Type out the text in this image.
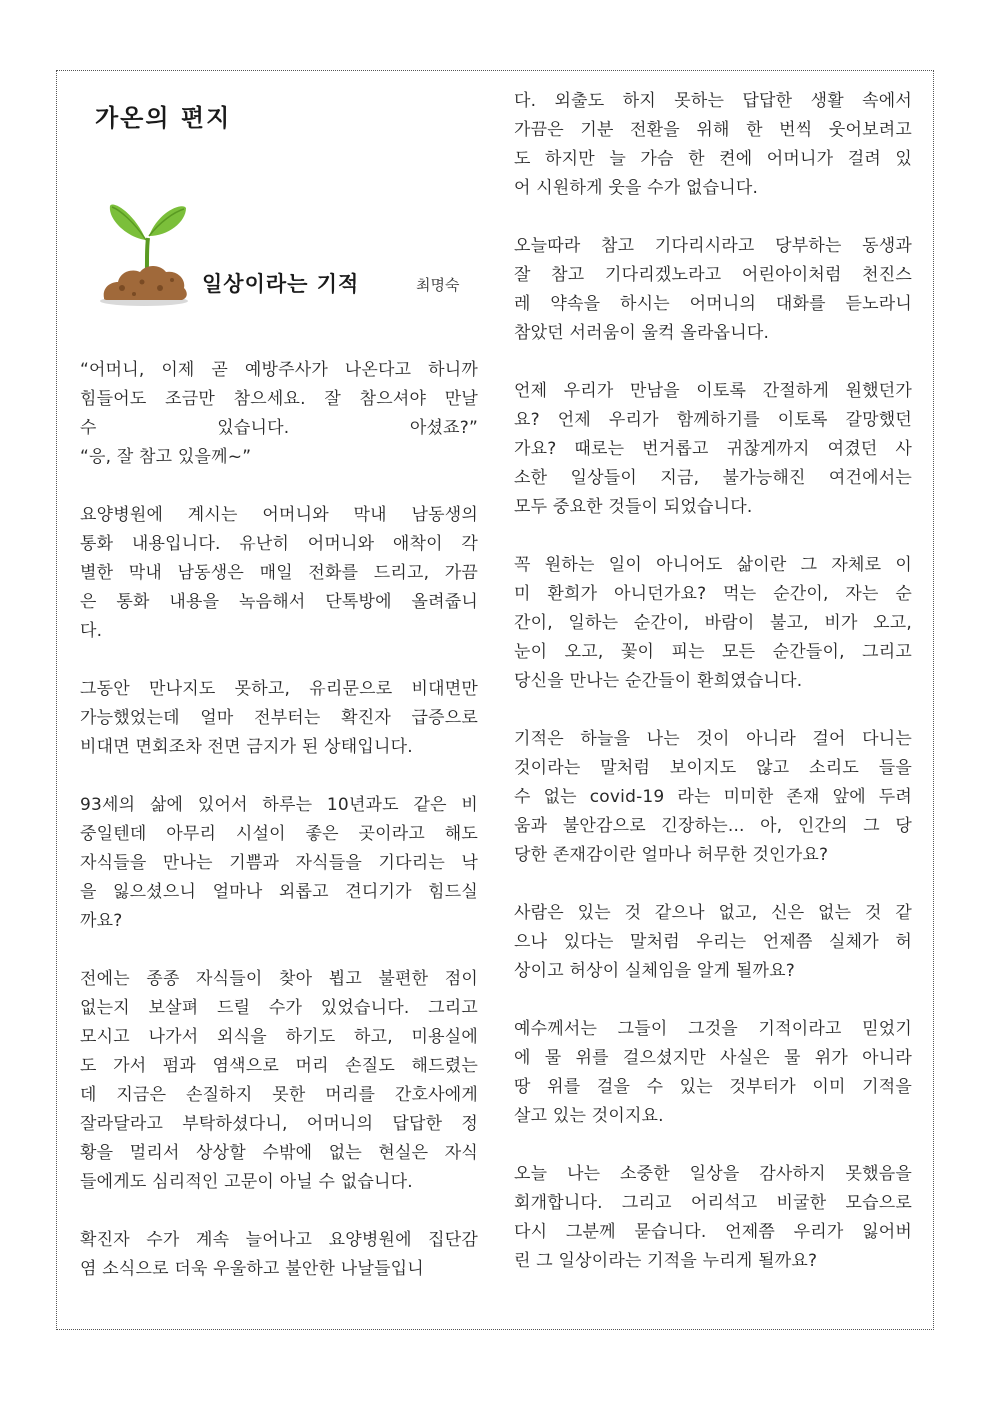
가온의 편지
일상이라는 기적	최명숙
“어머니, 이제 곧 예방주사가 나온다고 하니까
힘들어도 조금만 참으세요. 잘 참으셔야 만날
수 있습니다. 아셨죠?”
“응, 잘 참고 있을께~”
요양병원에 계시는 어머니와 막내 남동생의
통화 내용입니다. 유난히 어머니와 애착이 각
별한 막내 남동생은 매일 전화를 드리고, 가끔
은 통화 내용을 녹음해서 단톡방에 올려줍니
다.
그동안 만나지도 못하고, 유리문으로 비대면만
가능했었는데 얼마 전부터는 확진자 급증으로
비대면 면회조차 전면 금지가 된 상태입니다.
93세의 삶에 있어서 하루는 10년과도 같은 비
중일텐데 아무리 시설이 좋은 곳이라고 해도
자식들을 만나는 기쁨과 자식들을 기다리는 낙
을 잃으셨으니 얼마나 외롭고 견디기가 힘드실
까요?
전에는 종종 자식들이 찾아 뵙고 불편한 점이
없는지 보살펴 드릴 수가 있었습니다. 그리고
모시고 나가서 외식을 하기도 하고, 미용실에
도 가서 펌과 염색으로 머리 손질도 해드렸는
데 지금은 손질하지 못한 머리를 간호사에게
잘라달라고 부탁하셨다니, 어머니의 답답한 정
황을 멀리서 상상할 수밖에 없는 현실은 자식
들에게도 심리적인 고문이 아닐 수 없습니다.
확진자 수가 계속 늘어나고 요양병원에 집단감
염 소식으로 더욱 우울하고 불안한 나날들입니
다. 외출도 하지 못하는 답답한 생활 속에서
가끔은 기분 전환을 위해 한 번씩 웃어보려고
도 하지만 늘 가슴 한 켠에 어머니가 걸려 있
어 시원하게 웃을 수가 없습니다.
오늘따라 참고 기다리시라고 당부하는 동생과
잘 참고 기다리겠노라고 어린아이처럼 천진스
레 약속을 하시는 어머니의 대화를 듣노라니
참았던 서러움이 울컥 올라옵니다.
언제 우리가 만남을 이토록 간절하게 원했던가
요? 언제 우리가 함께하기를 이토록 갈망했던
가요? 때로는 번거롭고 귀찮게까지 여겼던 사
소한 일상들이 지금, 불가능해진 여건에서는
모두 중요한 것들이 되었습니다.
꼭 원하는 일이 아니어도 삶이란 그 자체로 이
미 환희가 아니던가요? 먹는 순간이, 자는 순
간이, 일하는 순간이, 바람이 불고, 비가 오고,
눈이 오고, 꽃이 피는 모든 순간들이, 그리고
당신을 만나는 순간들이 환희였습니다.
기적은 하늘을 나는 것이 아니라 걸어 다니는
것이라는 말처럼 보이지도 않고 소리도 들을
수 없는 covid-19 라는 미미한 존재 앞에 두려
움과 불안감으로 긴장하는... 아, 인간의 그 당
당한 존재감이란 얼마나 허무한 것인가요?
사람은 있는 것 같으나 없고, 신은 없는 것 같
으나 있다는 말처럼 우리는 언제쯤 실체가 허
상이고 허상이 실체임을 알게 될까요?
예수께서는 그들이 그것을 기적이라고 믿었기
에 물 위를 걸으셨지만 사실은 물 위가 아니라
땅 위를 걸을 수 있는 것부터가 이미 기적을
살고 있는 것이지요.
오늘 나는 소중한 일상을 감사하지 못했음을
회개합니다. 그리고 어리석고 비굴한 모습으로
다시 그분께 묻습니다. 언제쯤 우리가 잃어버
린 그 일상이라는 기적을 누리게 될까요?
